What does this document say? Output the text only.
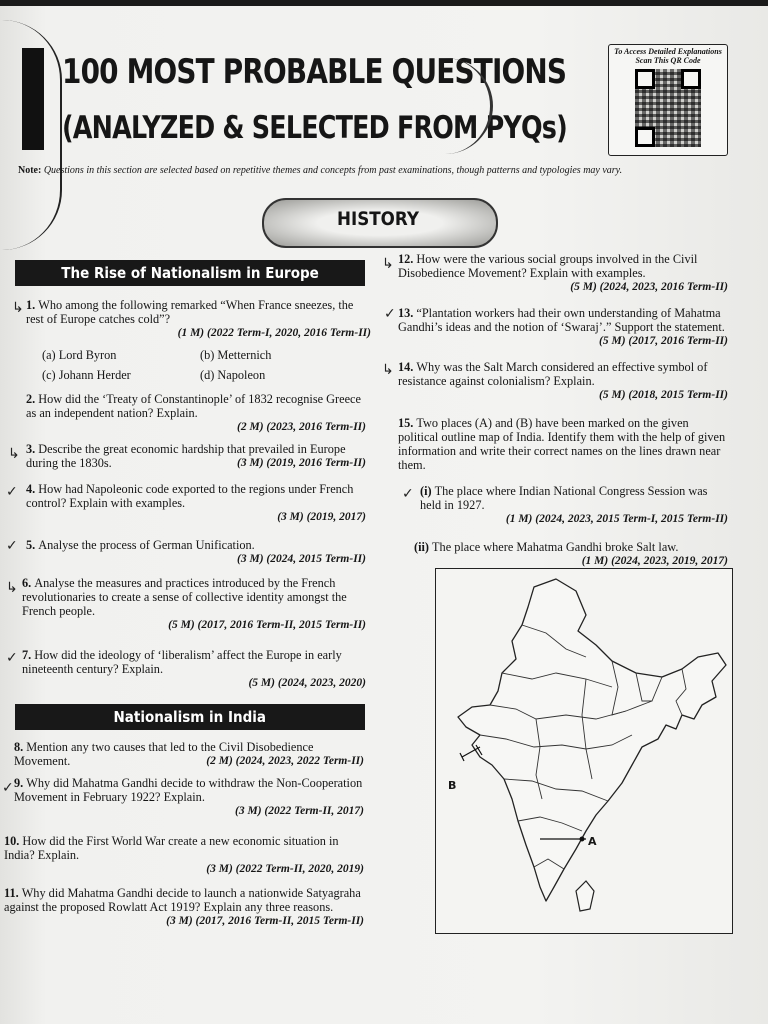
100 MOST PROBABLE QUESTIONS
(ANALYZED & SELECTED FROM PYQs)
To Access Detailed Explanations Scan This QR Code
Note: Questions in this section are selected based on repetitive themes and concepts from past examinations, though patterns and typologies may vary.
HISTORY
The Rise of Nationalism in Europe
1. Who among the following remarked “When France sneezes, the rest of Europe catches cold”?
(1 M) (2022 Term-I, 2020, 2016 Term-II)
(a) Lord Byron	(b) Metternich
(c) Johann Herder	(d) Napoleon
2. How did the ‘Treaty of Constantinople’ of 1832 recognise Greece as an independent nation? Explain.
(2 M) (2023, 2016 Term-II)
3. Describe the great economic hardship that prevailed in Europe during the 1830s.	(3 M) (2019, 2016 Term-II)
4. How had Napoleonic code exported to the regions under French control? Explain with examples.
(3 M) (2019, 2017)
5. Analyse the process of German Unification.
(3 M) (2024, 2015 Term-II)
6. Analyse the measures and practices introduced by the French revolutionaries to create a sense of collective identity amongst the French people.
(5 M) (2017, 2016 Term-II, 2015 Term-II)
7. How did the ideology of ‘liberalism’ affect the Europe in early nineteenth century? Explain.
(5 M) (2024, 2023, 2020)
Nationalism in India
8. Mention any two causes that led to the Civil Disobedience Movement.	(2 M) (2024, 2023, 2022 Term-II)
9. Why did Mahatma Gandhi decide to withdraw the Non-Cooperation Movement in February 1922? Explain.
(3 M) (2022 Term-II, 2017)
10. How did the First World War create a new economic situation in India? Explain.
(3 M) (2022 Term-II, 2020, 2019)
11. Why did Mahatma Gandhi decide to launch a nationwide Satyagraha against the proposed Rowlatt Act 1919? Explain any three reasons.
(3 M) (2017, 2016 Term-II, 2015 Term-II)
↳
↳
✓
✓
↳
✓
✓
12. How were the various social groups involved in the Civil Disobedience Movement? Explain with examples.
(5 M) (2024, 2023, 2016 Term-II)
13. “Plantation workers had their own understanding of Mahatma Gandhi’s ideas and the notion of ‘Swaraj’.” Support the statement.
(5 M) (2017, 2016 Term-II)
14. Why was the Salt March considered an effective symbol of resistance against colonialism? Explain.
(5 M) (2018, 2015 Term-II)
15. Two places (A) and (B) have been marked on the given political outline map of India. Identify them with the help of given information and write their correct names on the lines drawn near them.
(i) The place where Indian National Congress Session was held in 1927.
(1 M) (2024, 2023, 2015 Term-I, 2015 Term-II)
(ii) The place where Mahatma Gandhi broke Salt law.
(1 M) (2024, 2023, 2019, 2017)
↳
✓
↳
✓
A
B
